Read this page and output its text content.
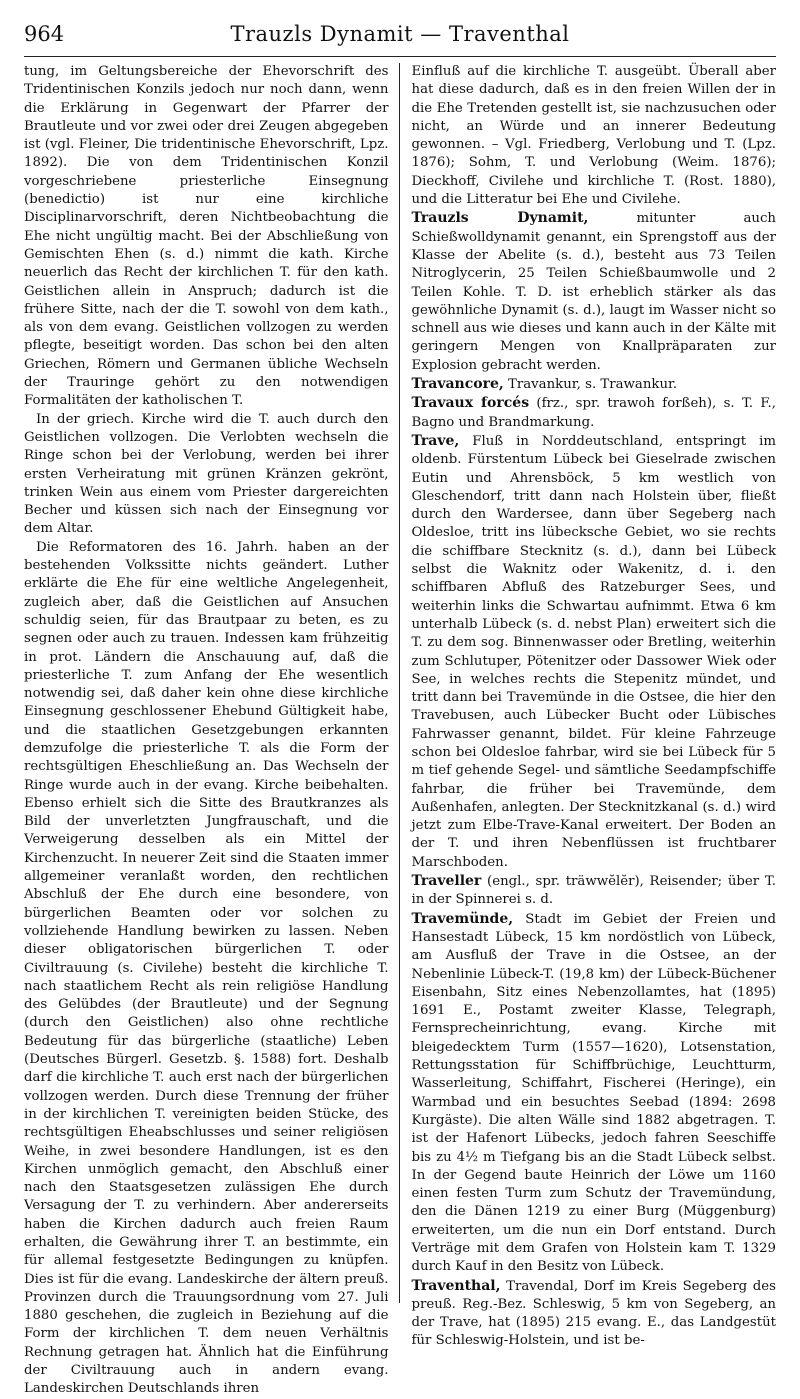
964	Trauzls Dynamit — Traventhal

tung, im Geltungsbereiche der Ehevorschrift des Tridentinischen Konzils jedoch nur noch dann, wenn die Erklärung in Gegenwart der Pfarrer der Brautleute und vor zwei oder drei Zeugen abgegeben ist (vgl. Fleiner, Die tridentinische Ehevorschrift, Lpz. 1892). Die von dem Tridentinischen Konzil vorgeschriebene priesterliche Einsegnung (benedictio) ist nur eine kirchliche Disciplinarvorschrift, deren Nichtbeobachtung die Ehe nicht ungültig macht. Bei der Abschließung von Gemischten Ehen (s. d.) nimmt die kath. Kirche neuerlich das Recht der kirchlichen T. für den kath. Geistlichen allein in Anspruch; dadurch ist die frühere Sitte, nach der die T. sowohl von dem kath., als von dem evang. Geistlichen vollzogen zu werden pflegte, beseitigt worden. Das schon bei den alten Griechen, Römern und Germanen übliche Wechseln der Trauringe gehört zu den notwendigen Formalitäten der katholischen T.

In der griech. Kirche wird die T. auch durch den Geistlichen vollzogen. Die Verlobten wechseln die Ringe schon bei der Verlobung, werden bei ihrer ersten Verheiratung mit grünen Kränzen gekrönt, trinken Wein aus einem vom Priester dargereichten Becher und küssen sich nach der Einsegnung vor dem Altar.

Die Reformatoren des 16. Jahrh. haben an der bestehenden Volkssitte nichts geändert. Luther erklärte die Ehe für eine weltliche Angelegenheit, zugleich aber, daß die Geistlichen auf Ansuchen schuldig seien, für das Brautpaar zu beten, es zu segnen oder auch zu trauen. Indessen kam frühzeitig in prot. Ländern die Anschauung auf, daß die priesterliche T. zum Anfang der Ehe wesentlich notwendig sei, daß daher kein ohne diese kirchliche Einsegnung geschlossener Ehebund Gültigkeit habe, und die staatlichen Gesetzgebungen erkannten demzufolge die priesterliche T. als die Form der rechtsgültigen Eheschließung an. Das Wechseln der Ringe wurde auch in der evang. Kirche beibehalten. Ebenso erhielt sich die Sitte des Brautkranzes als Bild der unverletzten Jungfrauschaft, und die Verweigerung desselben als ein Mittel der Kirchenzucht. In neuerer Zeit sind die Staaten immer allgemeiner veranlaßt worden, den rechtlichen Abschluß der Ehe durch eine besondere, von bürgerlichen Beamten oder vor solchen zu vollziehende Handlung bewirken zu lassen. Neben dieser obligatorischen bürgerlichen T. oder Civiltrauung (s. Civilehe) besteht die kirchliche T. nach staatlichem Recht als rein religiöse Handlung des Gelübdes (der Brautleute) und der Segnung (durch den Geistlichen) also ohne rechtliche Bedeutung für das bürgerliche (staatliche) Leben (Deutsches Bürgerl. Gesetzb. §. 1588) fort. Deshalb darf die kirchliche T. auch erst nach der bürgerlichen vollzogen werden. Durch diese Trennung der früher in der kirchlichen T. vereinigten beiden Stücke, des rechtsgültigen Eheabschlusses und seiner religiösen Weihe, in zwei besondere Handlungen, ist es den Kirchen unmöglich gemacht, den Abschluß einer nach den Staatsgesetzen zulässigen Ehe durch Versagung der T. zu verhindern. Aber andererseits haben die Kirchen dadurch auch freien Raum erhalten, die Gewährung ihrer T. an bestimmte, ein für allemal festgesetzte Bedingungen zu knüpfen. Dies ist für die evang. Landeskirche der ältern preuß. Provinzen durch die Trauungsordnung vom 27. Juli 1880 geschehen, die zugleich in Beziehung auf die Form der kirchlichen T. dem neuen Verhältnis Rechnung getragen hat. Ähnlich hat die Einführung der Civiltrauung auch in andern evang. Landeskirchen Deutschlands ihren

Einfluß auf die kirchliche T. ausgeübt. Überall aber hat diese dadurch, daß es in den freien Willen der in die Ehe Tretenden gestellt ist, sie nachzusuchen oder nicht, an Würde und an innerer Bedeutung gewonnen. – Vgl. Friedberg, Verlobung und T. (Lpz. 1876); Sohm, T. und Verlobung (Weim. 1876); Dieckhoff, Civilehe und kirchliche T. (Rost. 1880), und die Litteratur bei Ehe und Civilehe.

Trauzls Dynamit, mitunter auch Schießwolldynamit genannt, ein Sprengstoff aus der Klasse der Abelite (s. d.), besteht aus 73 Teilen Nitroglycerin, 25 Teilen Schießbaumwolle und 2 Teilen Kohle. T. D. ist erheblich stärker als das gewöhnliche Dynamit (s. d.), laugt im Wasser nicht so schnell aus wie dieses und kann auch in der Kälte mit geringern Mengen von Knallpräparaten zur Explosion gebracht werden.

Travancore, Travankur, s. Trawankur.

Travaux forcés (frz., spr. trawoh forßeh), s. T. F., Bagno und Brandmarkung.

Trave, Fluß in Norddeutschland, entspringt im oldenb. Fürstentum Lübeck bei Gieselrade zwischen Eutin und Ahrensböck, 5 km westlich von Gleschendorf, tritt dann nach Holstein über, fließt durch den Wardersee, dann über Segeberg nach Oldesloe, tritt ins lübecksche Gebiet, wo sie rechts die schiffbare Stecknitz (s. d.), dann bei Lübeck selbst die Waknitz oder Wakenitz, d. i. den schiffbaren Abfluß des Ratzeburger Sees, und weiterhin links die Schwartau aufnimmt. Etwa 6 km unterhalb Lübeck (s. d. nebst Plan) erweitert sich die T. zu dem sog. Binnenwasser oder Bretling, weiterhin zum Schlutuper, Pötenitzer oder Dassower Wiek oder See, in welches rechts die Stepenitz mündet, und tritt dann bei Travemünde in die Ostsee, die hier den Travebusen, auch Lübecker Bucht oder Lübisches Fahrwasser genannt, bildet. Für kleine Fahrzeuge schon bei Oldesloe fahrbar, wird sie bei Lübeck für 5 m tief gehende Segel- und sämtliche Seedampfschiffe fahrbar, die früher bei Travemünde, dem Außenhafen, anlegten. Der Stecknitzkanal (s. d.) wird jetzt zum Elbe-Trave-Kanal erweitert. Der Boden an der T. und ihren Nebenflüssen ist fruchtbarer Marschboden.

Traveller (engl., spr. träwwĕlĕr), Reisender; über T. in der Spinnerei s. d.

Travemünde, Stadt im Gebiet der Freien und Hansestadt Lübeck, 15 km nordöstlich von Lübeck, am Ausfluß der Trave in die Ostsee, an der Nebenlinie Lübeck-T. (19,8 km) der Lübeck-Büchener Eisenbahn, Sitz eines Nebenzollamtes, hat (1895) 1691 E., Postamt zweiter Klasse, Telegraph, Fernsprecheinrichtung, evang. Kirche mit bleigedecktem Turm (1557—1620), Lotsenstation, Rettungsstation für Schiffbrüchige, Leuchtturm, Wasserleitung, Schiffahrt, Fischerei (Heringe), ein Warmbad und ein besuchtes Seebad (1894: 2698 Kurgäste). Die alten Wälle sind 1882 abgetragen. T. ist der Hafenort Lübecks, jedoch fahren Seeschiffe bis zu 4½ m Tiefgang bis an die Stadt Lübeck selbst. In der Gegend baute Heinrich der Löwe um 1160 einen festen Turm zum Schutz der Travemündung, den die Dänen 1219 zu einer Burg (Müggenburg) erweiterten, um die nun ein Dorf entstand. Durch Verträge mit dem Grafen von Holstein kam T. 1329 durch Kauf in den Besitz von Lübeck.

Traventhal, Travendal, Dorf im Kreis Segeberg des preuß. Reg.-Bez. Schleswig, 5 km von Segeberg, an der Trave, hat (1895) 215 evang. E., das Landgestüt für Schleswig-Holstein, und ist be-
